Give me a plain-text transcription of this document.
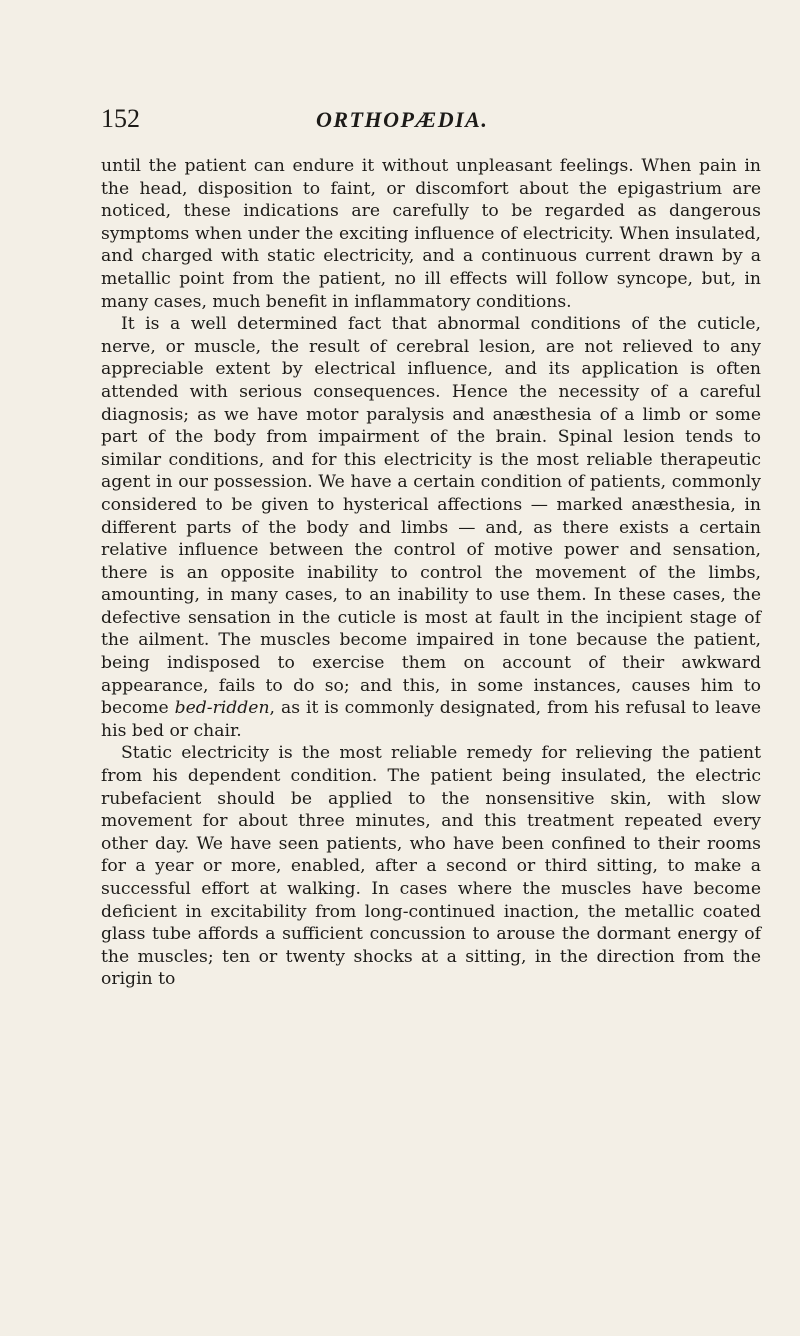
152	ORTHOPÆDIA.

until the patient can endure it without unpleasant feelings. When pain in the head, disposition to faint, or discomfort about the epigastrium are noticed, these indications are carefully to be regarded as dangerous symptoms when under the exciting influence of electricity. When insulated, and charged with static electricity, and a continuous current drawn by a metallic point from the patient, no ill effects will follow syncope, but, in many cases, much benefit in inflammatory conditions.

It is a well determined fact that abnormal conditions of the cuticle, nerve, or muscle, the result of cerebral lesion, are not relieved to any appreciable extent by electrical influence, and its application is often attended with serious consequences. Hence the necessity of a careful diagnosis; as we have motor paralysis and anæsthesia of a limb or some part of the body from impairment of the brain. Spinal lesion tends to similar conditions, and for this electricity is the most reliable therapeutic agent in our possession. We have a certain condition of patients, commonly considered to be given to hysterical affections — marked anæsthesia, in different parts of the body and limbs — and, as there exists a certain relative influence between the control of motive power and sensation, there is an opposite inability to control the movement of the limbs, amounting, in many cases, to an inability to use them. In these cases, the defective sensation in the cuticle is most at fault in the incipient stage of the ailment. The muscles become impaired in tone because the patient, being indisposed to exercise them on account of their awkward appearance, fails to do so; and this, in some instances, causes him to become bed-ridden, as it is commonly designated, from his refusal to leave his bed or chair.

Static electricity is the most reliable remedy for relieving the patient from his dependent condition. The patient being insulated, the electric rubefacient should be applied to the nonsensitive skin, with slow movement for about three minutes, and this treatment repeated every other day. We have seen patients, who have been confined to their rooms for a year or more, enabled, after a second or third sitting, to make a successful effort at walking. In cases where the muscles have become deficient in excitability from long-continued inaction, the metallic coated glass tube affords a sufficient concussion to arouse the dormant energy of the muscles; ten or twenty shocks at a sitting, in the direction from the origin to
